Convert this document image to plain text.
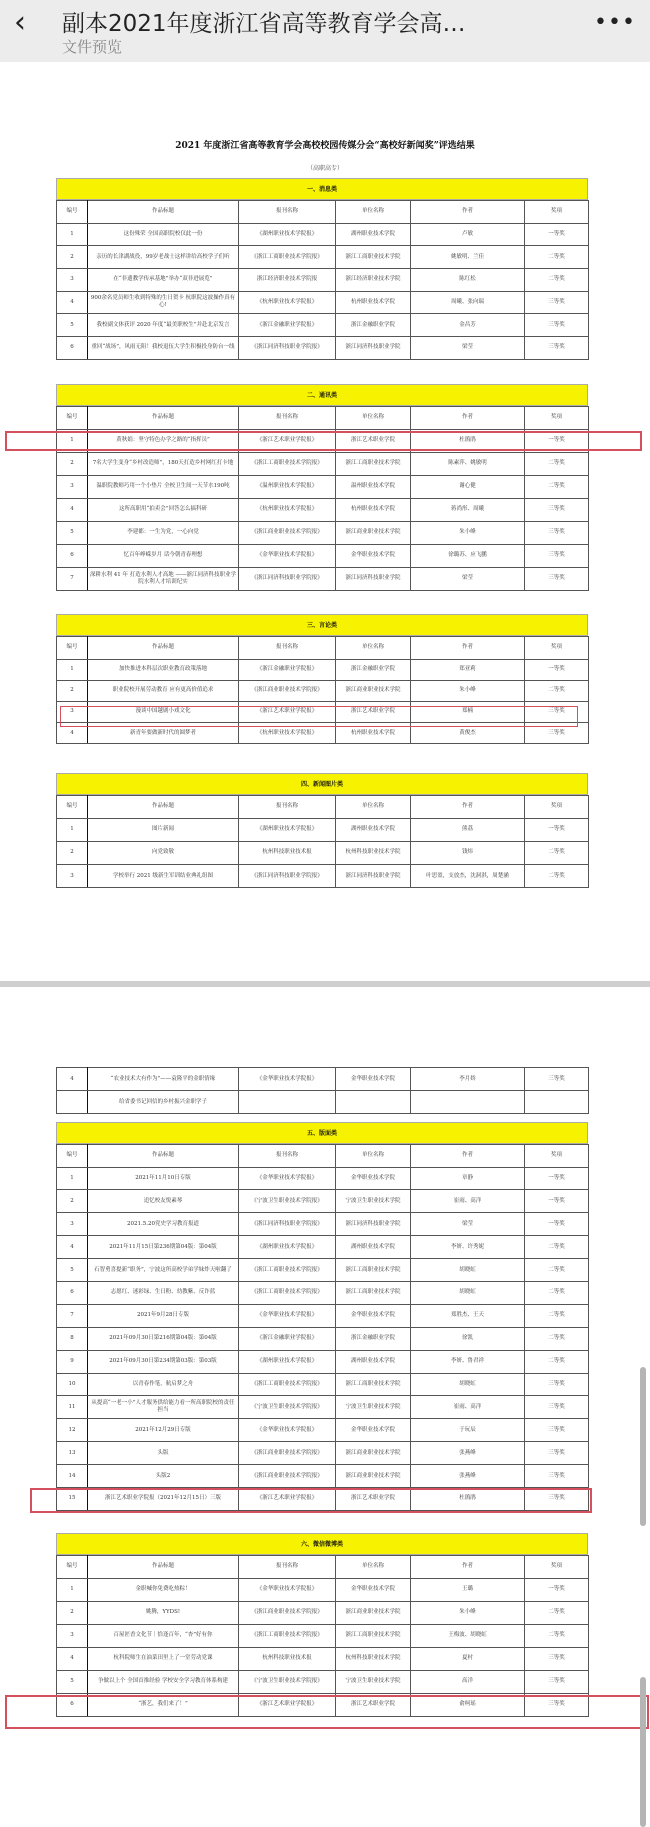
‹ 副本2021年度浙江省高等教育学会高…
文件预览
•••
2021 年度浙江省高等教育学会高校校园传媒分会“高校好新闻奖”评选结果
（高职高专）
一、消息类
编号	作品标题	报刊名称	单位名称	作者	奖项
1	这份殊荣 全国高职院校仅此一份	《湖州职业技术学院报》	湖州职业技术学院	卢敏	一等奖
2	亲历的长津湖战役，99岁老战士这样讲给高校学子们听	《浙江工商职业技术学院报》	浙江工商职业技术学院	姚敏明、兰佳	二等奖
3	在“非遗教学传承基地”举办“双非进展览”	浙江经济职业技术学院报	浙江经济职业技术学院	陈红松	二等奖
4	900余名党员师生收到特殊的生日贺卡 杭职院这波操作真有心!	《杭州职业技术学院报》	杭州职业技术学院	周曦、张向瑞	三等奖
5	我校副文体获评 2020 年度“最美职校生”并赴北京发言	《浙江金融职业学院报》	浙江金融职业学院	金昌芳	三等奖
6	重回“战场”，风雨无阻！我校退伍大学生积极投身防台一线	《浙江同济科技职业学院报》	浙江同济科技职业学院	梁莹	三等奖
二、通讯类
编号	作品标题	报刊名称	单位名称	作者	奖项
1	黄秋娟：坚守特色办学之路的“指挥员”	《浙江艺术职业学院报》	浙江艺术职业学院	杜鹃鹃	一等奖
2	7名大学生变身“乡村改造师”，180天打造乡村网红打卡地	《浙江工商职业技术学院报》	浙江工商职业技术学院	陈素萍、姚敏明	二等奖
3	温职院教师巧用一个小垫片 全校卫生间一天节水190吨	《温州职业技术学院报》	温州职业技术学院	谢心健	二等奖
4	这所高职用“拍卖会”回答怎么搞科研	《杭州职业技术学院报》	杭州职业技术学院	蒋尚彤、周曦	三等奖
5	李建都：一生为党，一心向党	《浙江商业职业技术学院报》	浙江商业职业技术学院	朱小峰	三等奖
6	忆百年峥嵘岁月 话今朝青春理想	《金华职业技术学院报》	金华职业技术学院	徐璐苏、应飞鹏	三等奖
7	深耕水利 41 年 打造水利人才高地 ——浙江同济科技职业学院水利人才培训纪实	《浙江同济科技职业学院报》	浙江同济科技职业学院	梁莹	三等奖
三、言论类
编号	作品标题	报刊名称	单位名称	作者	奖项
1	加快推进本科层次职业教育政策落地	《浙江金融职业学院报》	浙江金融职业学院	郑亚莉	一等奖
2	职业院校开展劳动教育 应有更高价值追求	《浙江商业职业技术学院报》	浙江商业职业技术学院	朱小峰	二等奖
3	漫谈中国越剧小戏文化	《浙江艺术职业学院报》	浙江艺术职业学院	郑楠	三等奖
4	新青年要做新时代的圆梦者	《杭州职业技术学院报》	杭州职业技术学院	黄俊杰	三等奖
四、新闻图片类
编号	作品标题	报刊名称	单位名称	作者	奖项
1	图片新闻	《湖州职业技术学院报》	湖州职业技术学院	熊荔	一等奖
2	向党致敬	杭州科技职业技术报	杭州科技职业技术学院	钱炜	二等奖
3	学校举行 2021 级新生军训结业典礼组图	《浙江同济科技职业学院报》	浙江同济科技职业学院	叶思盈，支放杰，沈洞淇，周楚涵	二等奖
4	“农业技术大有作为”——袁隆平的金职情缘	《金华职业技术学院报》	金华职业技术学院	李月娇	三等奖
	给省委书记回信的乡村振兴金职学子				
五、版面类
编号	作品标题	报刊名称	单位名称	作者	奖项
1	2021年11月10日专版	《金华职业技术学院报》	金华职业技术学院	章静	一等奖
2	追忆校友悦素琴	《宁波卫生职业技术学院报》	宁波卫生职业技术学院	崔雨、高洋	一等奖
3	2021.5.20党史学习教育报道	《浙江同济科技职业学院报》	浙江同济科技职业学院	梁莹	一等奖
4	2021年11月15日第236期第04版：第04版	《湖州职业技术学院报》	湖州职业技术学院	李妍、许秀妮	二等奖
5	石智勇喜提新“职务”，宁波这所高校学弟学妹炸天啦翻了	《浙江工商职业技术学院报》	浙江工商职业技术学院	胡晓虹	二等奖
6	志愿红、迷彩绿、生日粉、幼教紫、反诈蓝	《浙江工商职业技术学院报》	浙江工商职业技术学院	胡晓虹	二等奖
7	2021年9月28日专版	《金华职业技术学院报》	金华职业技术学院	郑胜杰、王天	二等奖
8	2021年09月30日第216期第04版：第04版	《浙江金融职业学院报》	浙江金融职业学院	徐凯	二等奖
9	2021年09月30日第234期第03版：第03版	《湖州职业技术学院报》	湖州职业技术学院	李妍、鲁君祥	二等奖
10	以青春作笔，航启梦之舟	《浙江工商职业技术学院报》	浙江工商职业技术学院	胡晓虹	三等奖
11	从提高“一老一小”人才服务供给能力看一所高职院校的责任担当	《宁波卫生职业技术学院报》	宁波卫生职业技术学院	崔雨、高洋	三等奖
12	2021年12月29日专版	《金华职业技术学院报》	金华职业技术学院	于玩辰	三等奖
13	头版	《浙江商业职业技术学院报》	浙江商业职业技术学院	张燕峰	三等奖
14	头版2	《浙江商业职业技术学院报》	浙江商业职业技术学院	张燕峰	三等奖
15	浙江艺术职业学院报（2021年12月15日）三版	《浙江艺术职业学院报》	浙江艺术职业学院	杜鹃鹃	三等奖
六、微信微博类
编号	作品标题	报刊名称	单位名称	作者	奖项
1	金职喊你免费吃热粽！	《金华职业技术学院报》	金华职业技术学院	王璐	一等奖
2	姚腾，YYDS!	《浙江商业职业技术学院报》	浙江商业职业技术学院	朱小峰	二等奖
3	百屋匠香文化节｜恰逢百年，“杏”好有你	《浙江工商职业技术学院报》	浙江工商职业技术学院	王梅波、胡晓虹	二等奖
4	杭科院师生在油菜田里上了一堂劳动党课	杭州科技职业技术报	杭州科技职业技术学院	夏村	三等奖
5	争做以上个 全国首推经验 学校安全学习教育体系构建	《宁波卫生职业技术学院报》	宁波卫生职业技术学院	高洋	三等奖
6	“浙艺，我们来了！”	《浙江艺术职业学院报》	浙江艺术职业学院	俞柯瑶	三等奖
